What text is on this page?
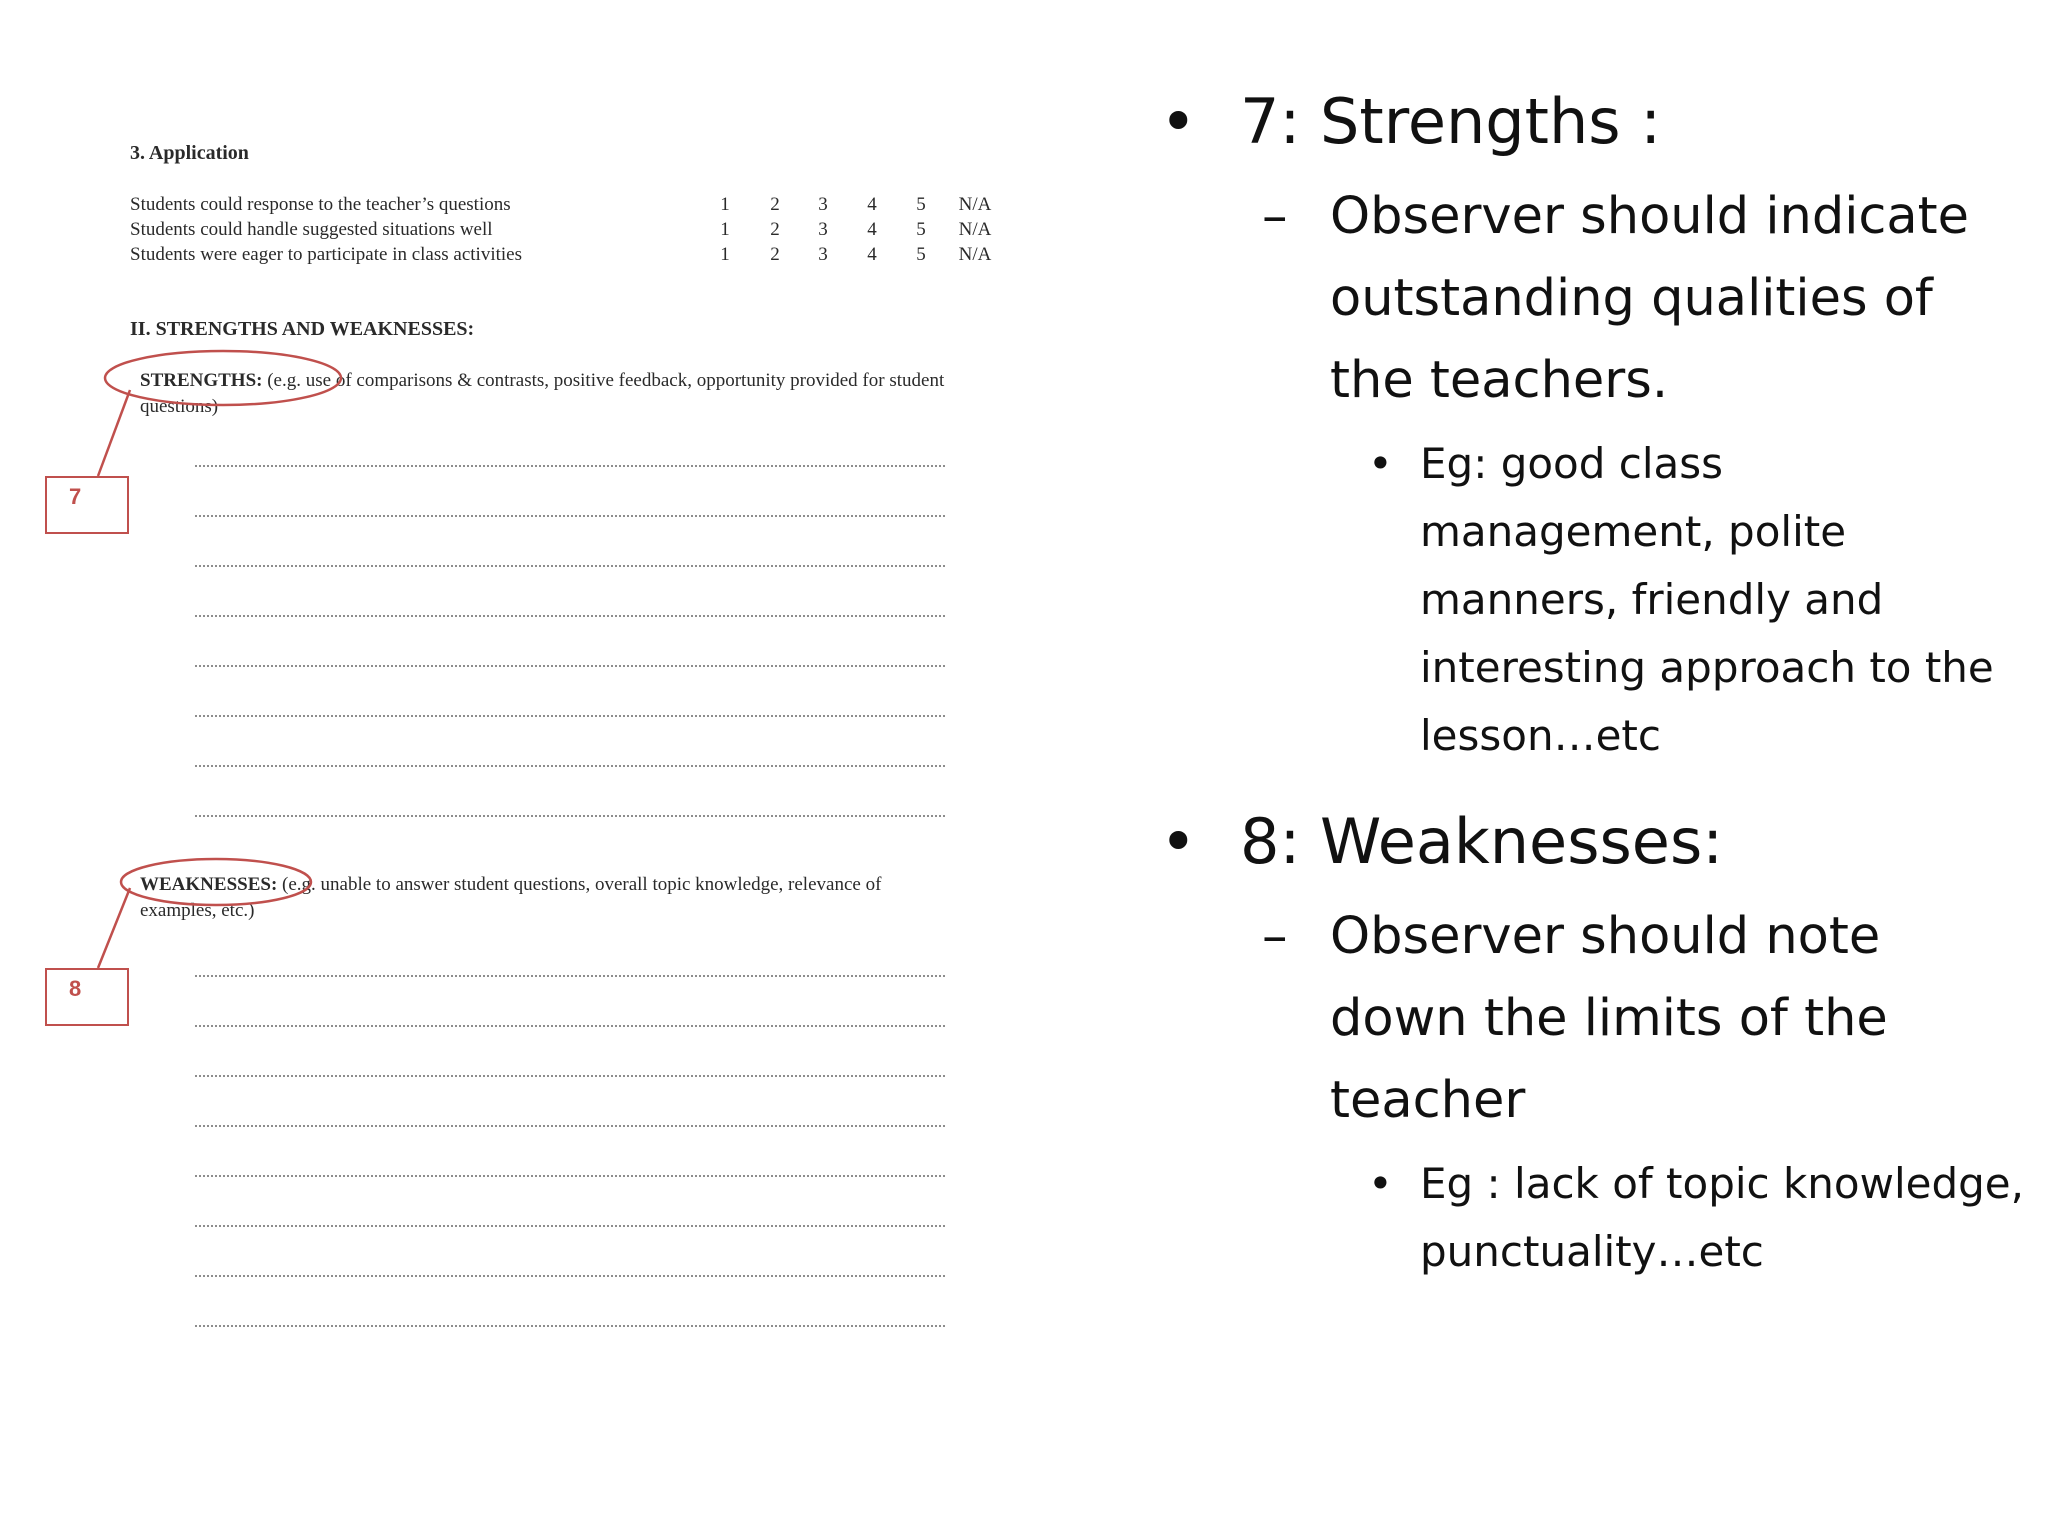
3. Application
Students could response to the teacher’s questions	1	2	3	4	5	N/A
Students could handle suggested situations well	1	2	3	4	5	N/A
Students were eager to participate in class activities	1	2	3	4	5	N/A
II. STRENGTHS AND WEAKNESSES:
STRENGTHS: (e.g. use of comparisons & contrasts, positive feedback, opportunity provided for student questions)
WEAKNESSES: (e.g. unable to answer student questions, overall topic knowledge, relevance of examples, etc.)
7
8
• 7: Strengths :
– Observer should indicate outstanding qualities of the teachers.
• Eg: good class management, polite manners, friendly and interesting approach to the lesson…etc
• 8: Weaknesses:
– Observer should note down the limits of the teacher
• Eg : lack of topic knowledge, punctuality…etc
